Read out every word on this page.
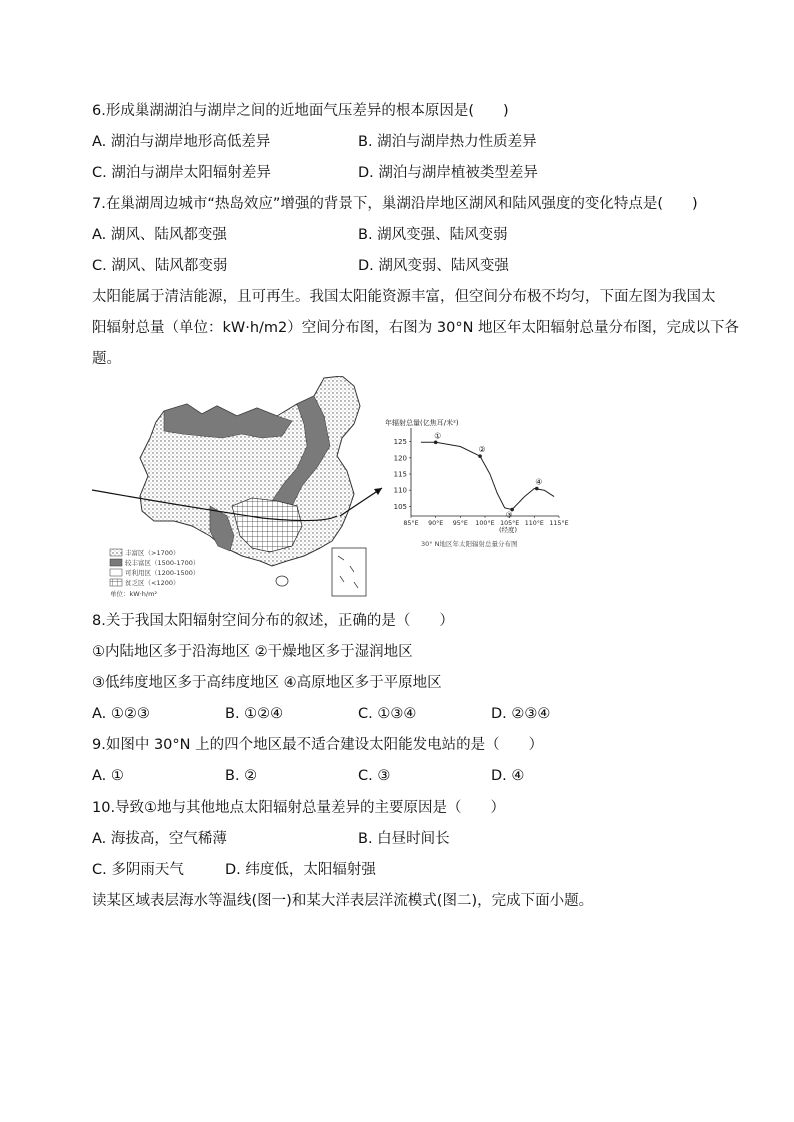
6.形成巢湖湖泊与湖岸之间的近地面气压差异的根本原因是(　　)
A. 湖泊与湖岸地形高低差异	B. 湖泊与湖岸热力性质差异
C. 湖泊与湖岸太阳辐射差异	D. 湖泊与湖岸植被类型差异
7.在巢湖周边城市“热岛效应”增强的背景下，巢湖沿岸地区湖风和陆风强度的变化特点是(　　)
A. 湖风、陆风都变强	B. 湖风变强、陆风变弱
C. 湖风、陆风都变弱	D. 湖风变弱、陆风变强
太阳能属于清洁能源，且可再生。我国太阳能资源丰富，但空间分布极不均匀，下面左图为我国太
阳辐射总量（单位：kW·h/m2）空间分布图，右图为 30°N 地区年太阳辐射总量分布图，完成以下各
题。
丰富区（>1700）
较丰富区（1500-1700）
可利用区（1200-1500）
贫乏区（<1200）
单位：kW·h/m²
年辐射总量(亿焦耳/米²)
105
110
115
120
125
85°E 90°E 95°E 100°E 105°E 110°E 115°E
①
②
③
④
(经度)
30° N地区年太阳辐射总量分布图
8.关于我国太阳辐射空间分布的叙述，正确的是（　　）
①内陆地区多于沿海地区 ②干燥地区多于湿润地区
③低纬度地区多于高纬度地区 ④高原地区多于平原地区
A. ①②③	B. ①②④	C. ①③④	D. ②③④
9.如图中 30°N 上的四个地区最不适合建设太阳能发电站的是（　　）
A. ①	B. ②	C. ③	D. ④
10.导致①地与其他地点太阳辐射总量差异的主要原因是（　　）
A. 海拔高，空气稀薄	B. 白昼时间长
C. 多阴雨天气	D. 纬度低，太阳辐射强
读某区域表层海水等温线(图一)和某大洋表层洋流模式(图二)，完成下面小题。
